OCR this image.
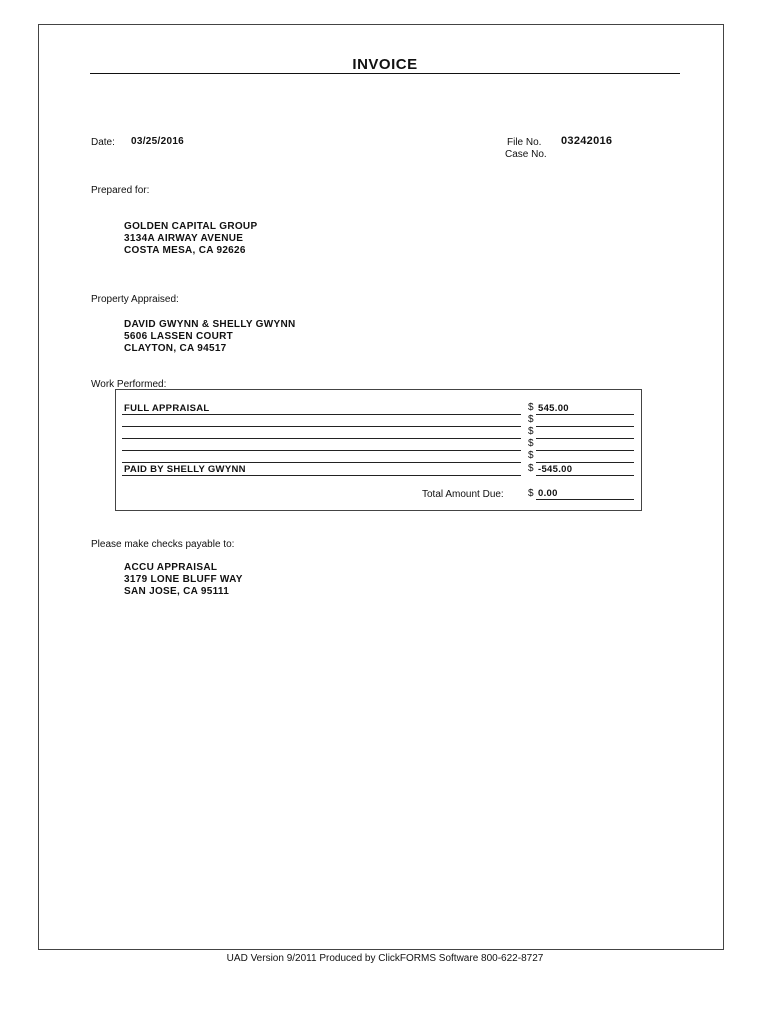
INVOICE
Date: 03/25/2016	File No. 03242016
Case No.
Prepared for:
GOLDEN CAPITAL GROUP
3134A AIRWAY AVENUE
COSTA MESA, CA 92626
Property Appraised:
DAVID GWYNN & SHELLY GWYNN
5606 LASSEN COURT
CLAYTON, CA 94517
Work Performed:
FULL APPRAISAL	$ 545.00
$
$
$
$
PAID BY SHELLY GWYNN	$ -545.00
Total Amount Due: $ 0.00
Please make checks payable to:
ACCU APPRAISAL
3179 LONE BLUFF WAY
SAN JOSE, CA 95111
UAD Version 9/2011 Produced by ClickFORMS Software 800-622-8727
